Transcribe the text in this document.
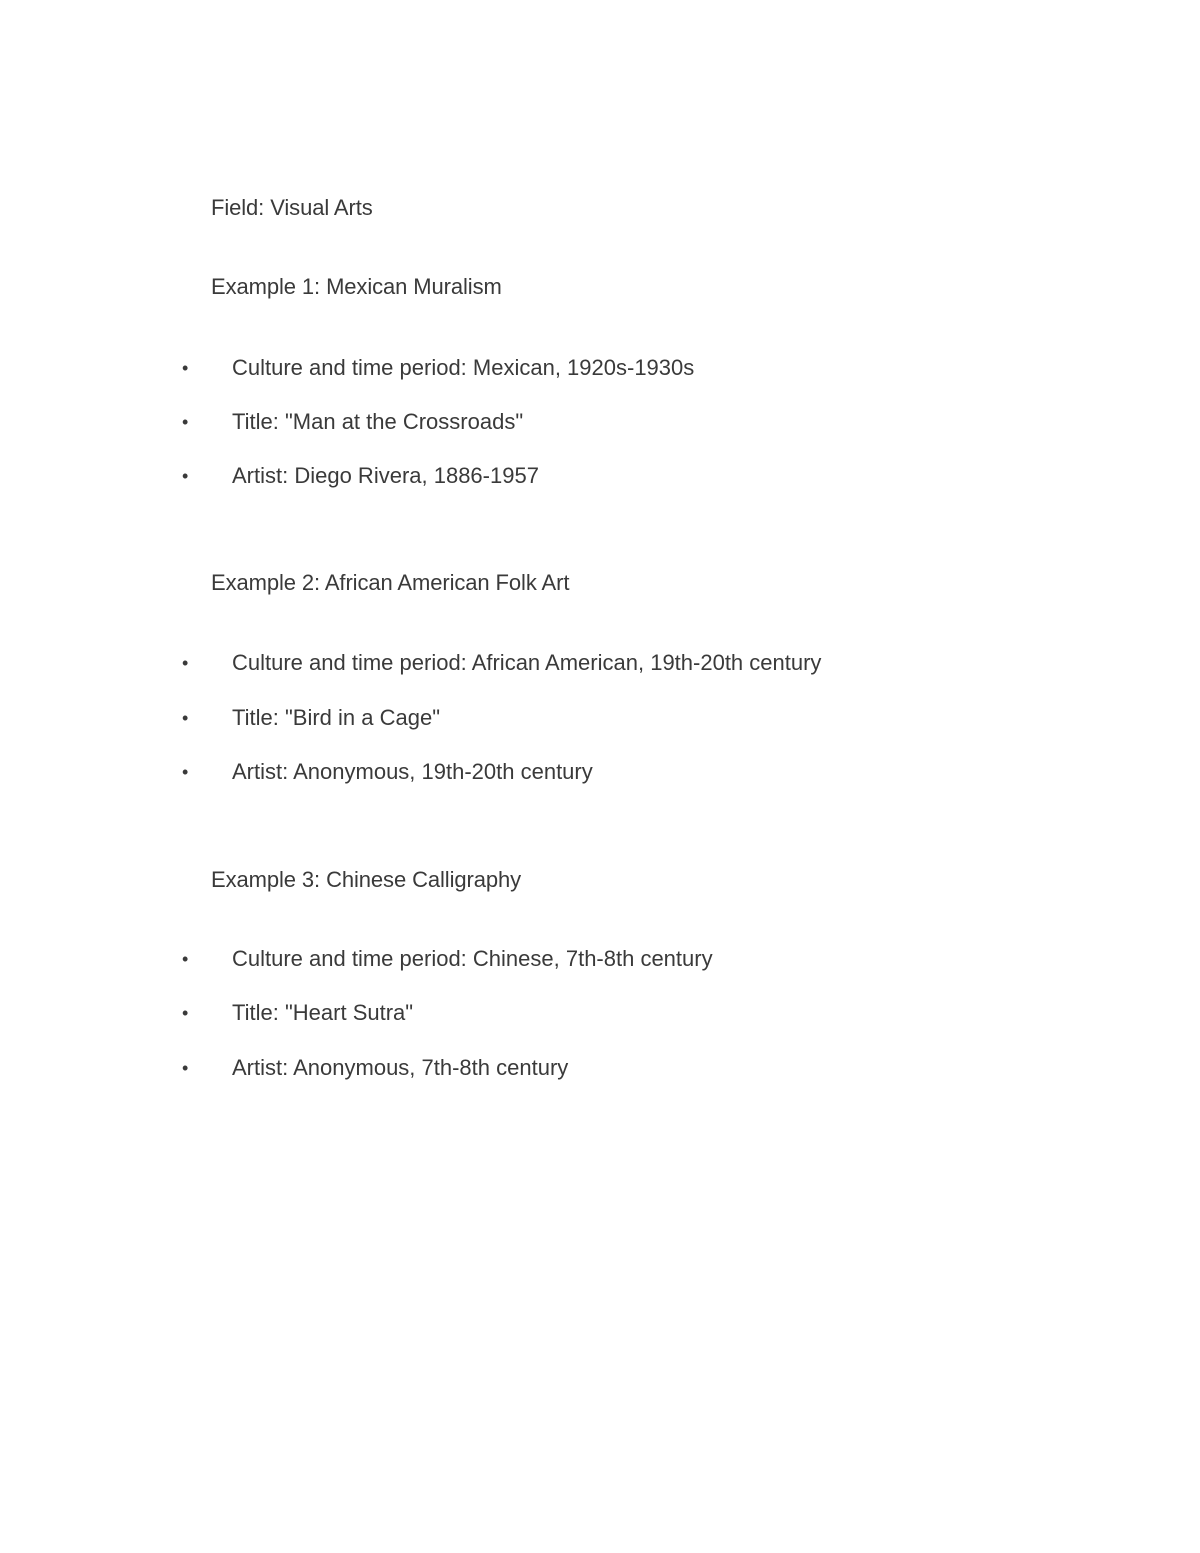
Field: Visual Arts
Example 1: Mexican Muralism
•	Culture and time period: Mexican, 1920s-1930s
•	Title: "Man at the Crossroads"
•	Artist: Diego Rivera, 1886-1957
Example 2: African American Folk Art
•	Culture and time period: African American, 19th-20th century
•	Title: "Bird in a Cage"
•	Artist: Anonymous, 19th-20th century
Example 3: Chinese Calligraphy
•	Culture and time period: Chinese, 7th-8th century
•	Title: "Heart Sutra"
•	Artist: Anonymous, 7th-8th century
